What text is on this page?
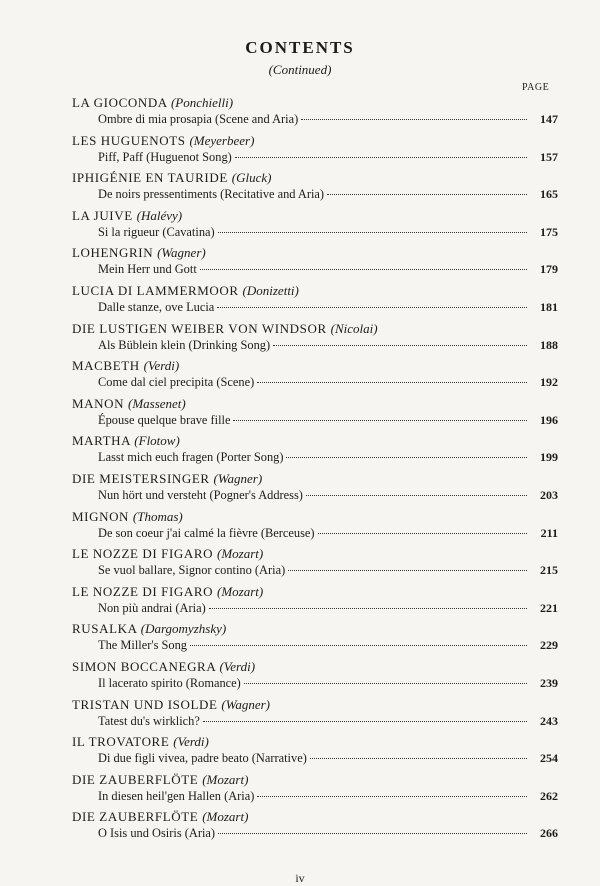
CONTENTS
(Continued)
PAGE
LA GIOCONDA (Ponchielli)
Ombre di mia prosapia (Scene and Aria)	147
LES HUGUENOTS (Meyerbeer)
Piff, Paff (Huguenot Song)	157
IPHIGÉNIE EN TAURIDE (Gluck)
De noirs pressentiments (Recitative and Aria)	165
LA JUIVE (Halévy)
Si la rigueur (Cavatina)	175
LOHENGRIN (Wagner)
Mein Herr und Gott	179
LUCIA DI LAMMERMOOR (Donizetti)
Dalle stanze, ove Lucia	181
DIE LUSTIGEN WEIBER VON WINDSOR (Nicolai)
Als Büblein klein (Drinking Song)	188
MACBETH (Verdi)
Come dal ciel precipita (Scene)	192
MANON (Massenet)
Épouse quelque brave fille	196
MARTHA (Flotow)
Lasst mich euch fragen (Porter Song)	199
DIE MEISTERSINGER (Wagner)
Nun hört und versteht (Pogner's Address)	203
MIGNON (Thomas)
De son coeur j'ai calmé la fièvre (Berceuse)	211
LE NOZZE DI FIGARO (Mozart)
Se vuol ballare, Signor contino (Aria)	215
LE NOZZE DI FIGARO (Mozart)
Non più andrai (Aria)	221
RUSALKA (Dargomyzhsky)
The Miller's Song	229
SIMON BOCCANEGRA (Verdi)
Il lacerato spirito (Romance)	239
TRISTAN UND ISOLDE (Wagner)
Tatest du's wirklich?	243
IL TROVATORE (Verdi)
Di due figli vivea, padre beato (Narrative)	254
DIE ZAUBERFLÖTE (Mozart)
In diesen heil'gen Hallen (Aria)	262
DIE ZAUBERFLÖTE (Mozart)
O Isis und Osiris (Aria)	266
iv
